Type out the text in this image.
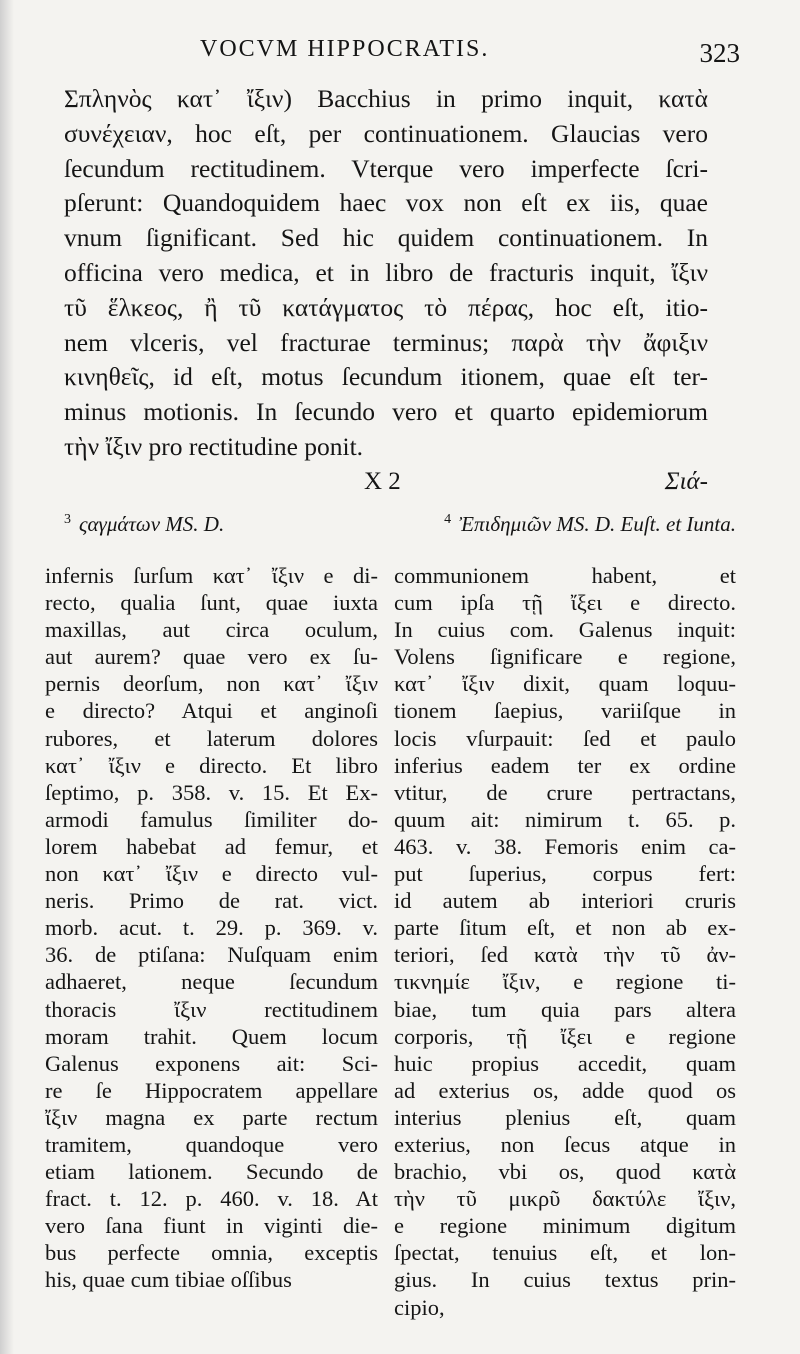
VOCVM HIPPOCRATIS.	323
Σπληνὸς κατ᾽ ἴξιν) Bacchius in primo inquit, κατὰ
συνέχειαν, hoc eſt, per continuationem. Glaucias vero
ſecundum rectitudinem. Vterque vero imperfecte ſcri-
pſerunt: Quandoquidem haec vox non eſt ex iis, quae
vnum ſignificant. Sed hic quidem continuationem. In
officina vero medica, et in libro de fracturis inquit, ἴξιν
τῦ ἕλκεος, ἢ τῦ κατάγματος τὸ πέρας, hoc eſt, itio-
nem vlceris, vel fracturae terminus; παρὰ τὴν ἄφιξιν
κινηθεῖς, id eſt, motus ſecundum itionem, quae eſt ter-
minus motionis. In ſecundo vero et quarto epidemiorum
τὴν ἴξιν pro rectitudine ponit.
X 2	Σιά-
$^3$ ςαγμάτων MS. D.	$^4$ Ἐπιδημιῶν MS. D. Euſt. et Iunta.
infernis ſurſum κατ᾽ ἴξιν e di-
recto, qualia ſunt, quae iuxta
maxillas, aut circa oculum,
aut aurem? quae vero ex ſu-
pernis deorſum, non κατ᾽ ἴξιν
e directo? Atqui et anginoſi
rubores, et laterum dolores
κατ᾽ ἴξιν e directo. Et libro
ſeptimo, p. 358. v. 15. Et Ex-
armodi famulus ſimiliter do-
lorem habebat ad femur, et
non κατ᾽ ἴξιν e directo vul-
neris. Primo de rat. vict.
morb. acut. t. 29. p. 369. v.
36. de ptiſana: Nuſquam enim
adhaeret, neque ſecundum
thoracis ἴξιν rectitudinem
moram trahit. Quem locum
Galenus exponens ait: Sci-
re ſe Hippocratem appellare
ἴξιν magna ex parte rectum
tramitem, quandoque vero
etiam lationem. Secundo de
fract. t. 12. p. 460. v. 18. At
vero ſana fiunt in viginti die-
bus perfecte omnia, exceptis
his, quae cum tibiae oſſibus
communionem habent, et
cum ipſa τῇ ἴξει e directo.
In cuius com. Galenus inquit:
Volens ſignificare e regione,
κατ᾽ ἴξιν dixit, quam loquu-
tionem ſaepius, variiſque in
locis vſurpauit: ſed et paulo
inferius eadem ter ex ordine
vtitur, de crure pertractans,
quum ait: nimirum t. 65. p.
463. v. 38. Femoris enim ca-
put ſuperius, corpus fert:
id autem ab interiori cruris
parte ſitum eſt, et non ab ex-
teriori, ſed κατὰ τὴν τῦ ἀν-
τικνημίε ἴξιν, e regione ti-
biae, tum quia pars altera
corporis, τῇ ἴξει e regione
huic propius accedit, quam
ad exterius os, adde quod os
interius plenius eſt, quam
exterius, non ſecus atque in
brachio, vbi os, quod κατὰ
τὴν τῦ μικρῦ δακτύλε ἴξιν,
e regione minimum digitum
ſpectat, tenuius eſt, et lon-
gius. In cuius textus prin-
cipio,
